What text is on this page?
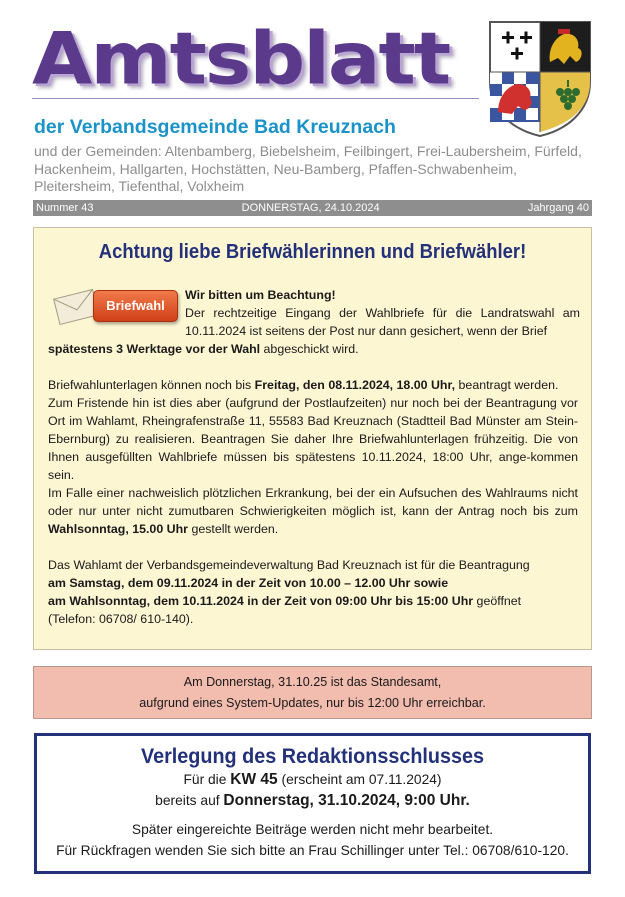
Amtsblatt
der Verbandsgemeinde Bad Kreuznach
und der Gemeinden: Altenbamberg, Biebelsheim, Feilbingert, Frei-Laubersheim, Fürfeld, Hackenheim, Hallgarten, Hochstätten, Neu-Bamberg, Pfaffen-Schwabenheim, Pleitersheim, Tiefenthal, Volxheim
Nummer 43	DONNERSTAG, 24.10.2024	Jahrgang 40
Achtung liebe Briefwählerinnen und Briefwähler!
Briefwahl
Wir bitten um Beachtung!
Der rechtzeitige Eingang der Wahlbriefe für die Landratswahl am 10.11.2024 ist seitens der Post nur dann gesichert, wenn der Brief
spätestens 3 Werktage vor der Wahl abgeschickt wird.
Briefwahlunterlagen können noch bis Freitag, den 08.11.2024, 18.00 Uhr, beantragt werden.
Zum Fristende hin ist dies aber (aufgrund der Postlaufzeiten) nur noch bei der Beantragung vor Ort im Wahlamt, Rheingrafenstraße 11, 55583 Bad Kreuznach (Stadtteil Bad Münster am Stein-Ebernburg) zu realisieren. Beantragen Sie daher Ihre Briefwahlunterlagen frühzeitig. Die von Ihnen ausgefüllten Wahlbriefe müssen bis spätestens 10.11.2024, 18:00 Uhr, ange-kommen sein.
Im Falle einer nachweislich plötzlichen Erkrankung, bei der ein Aufsuchen des Wahlraums nicht oder nur unter nicht zumutbaren Schwierigkeiten möglich ist, kann der Antrag noch bis zum Wahlsonntag, 15.00 Uhr gestellt werden.
Das Wahlamt der Verbandsgemeindeverwaltung Bad Kreuznach ist für die Beantragung
am Samstag, dem 09.11.2024 in der Zeit von 10.00 – 12.00 Uhr sowie
am Wahlsonntag, dem 10.11.2024 in der Zeit von 09:00 Uhr bis 15:00 Uhr geöffnet
(Telefon: 06708/ 610-140).
Am Donnerstag, 31.10.25 ist das Standesamt,
aufgrund eines System-Updates, nur bis 12:00 Uhr erreichbar.
Verlegung des Redaktionsschlusses
Für die KW 45 (erscheint am 07.11.2024)
bereits auf Donnerstag, 31.10.2024, 9:00 Uhr.
Später eingereichte Beiträge werden nicht mehr bearbeitet.
Für Rückfragen wenden Sie sich bitte an Frau Schillinger unter Tel.: 06708/610-120.
